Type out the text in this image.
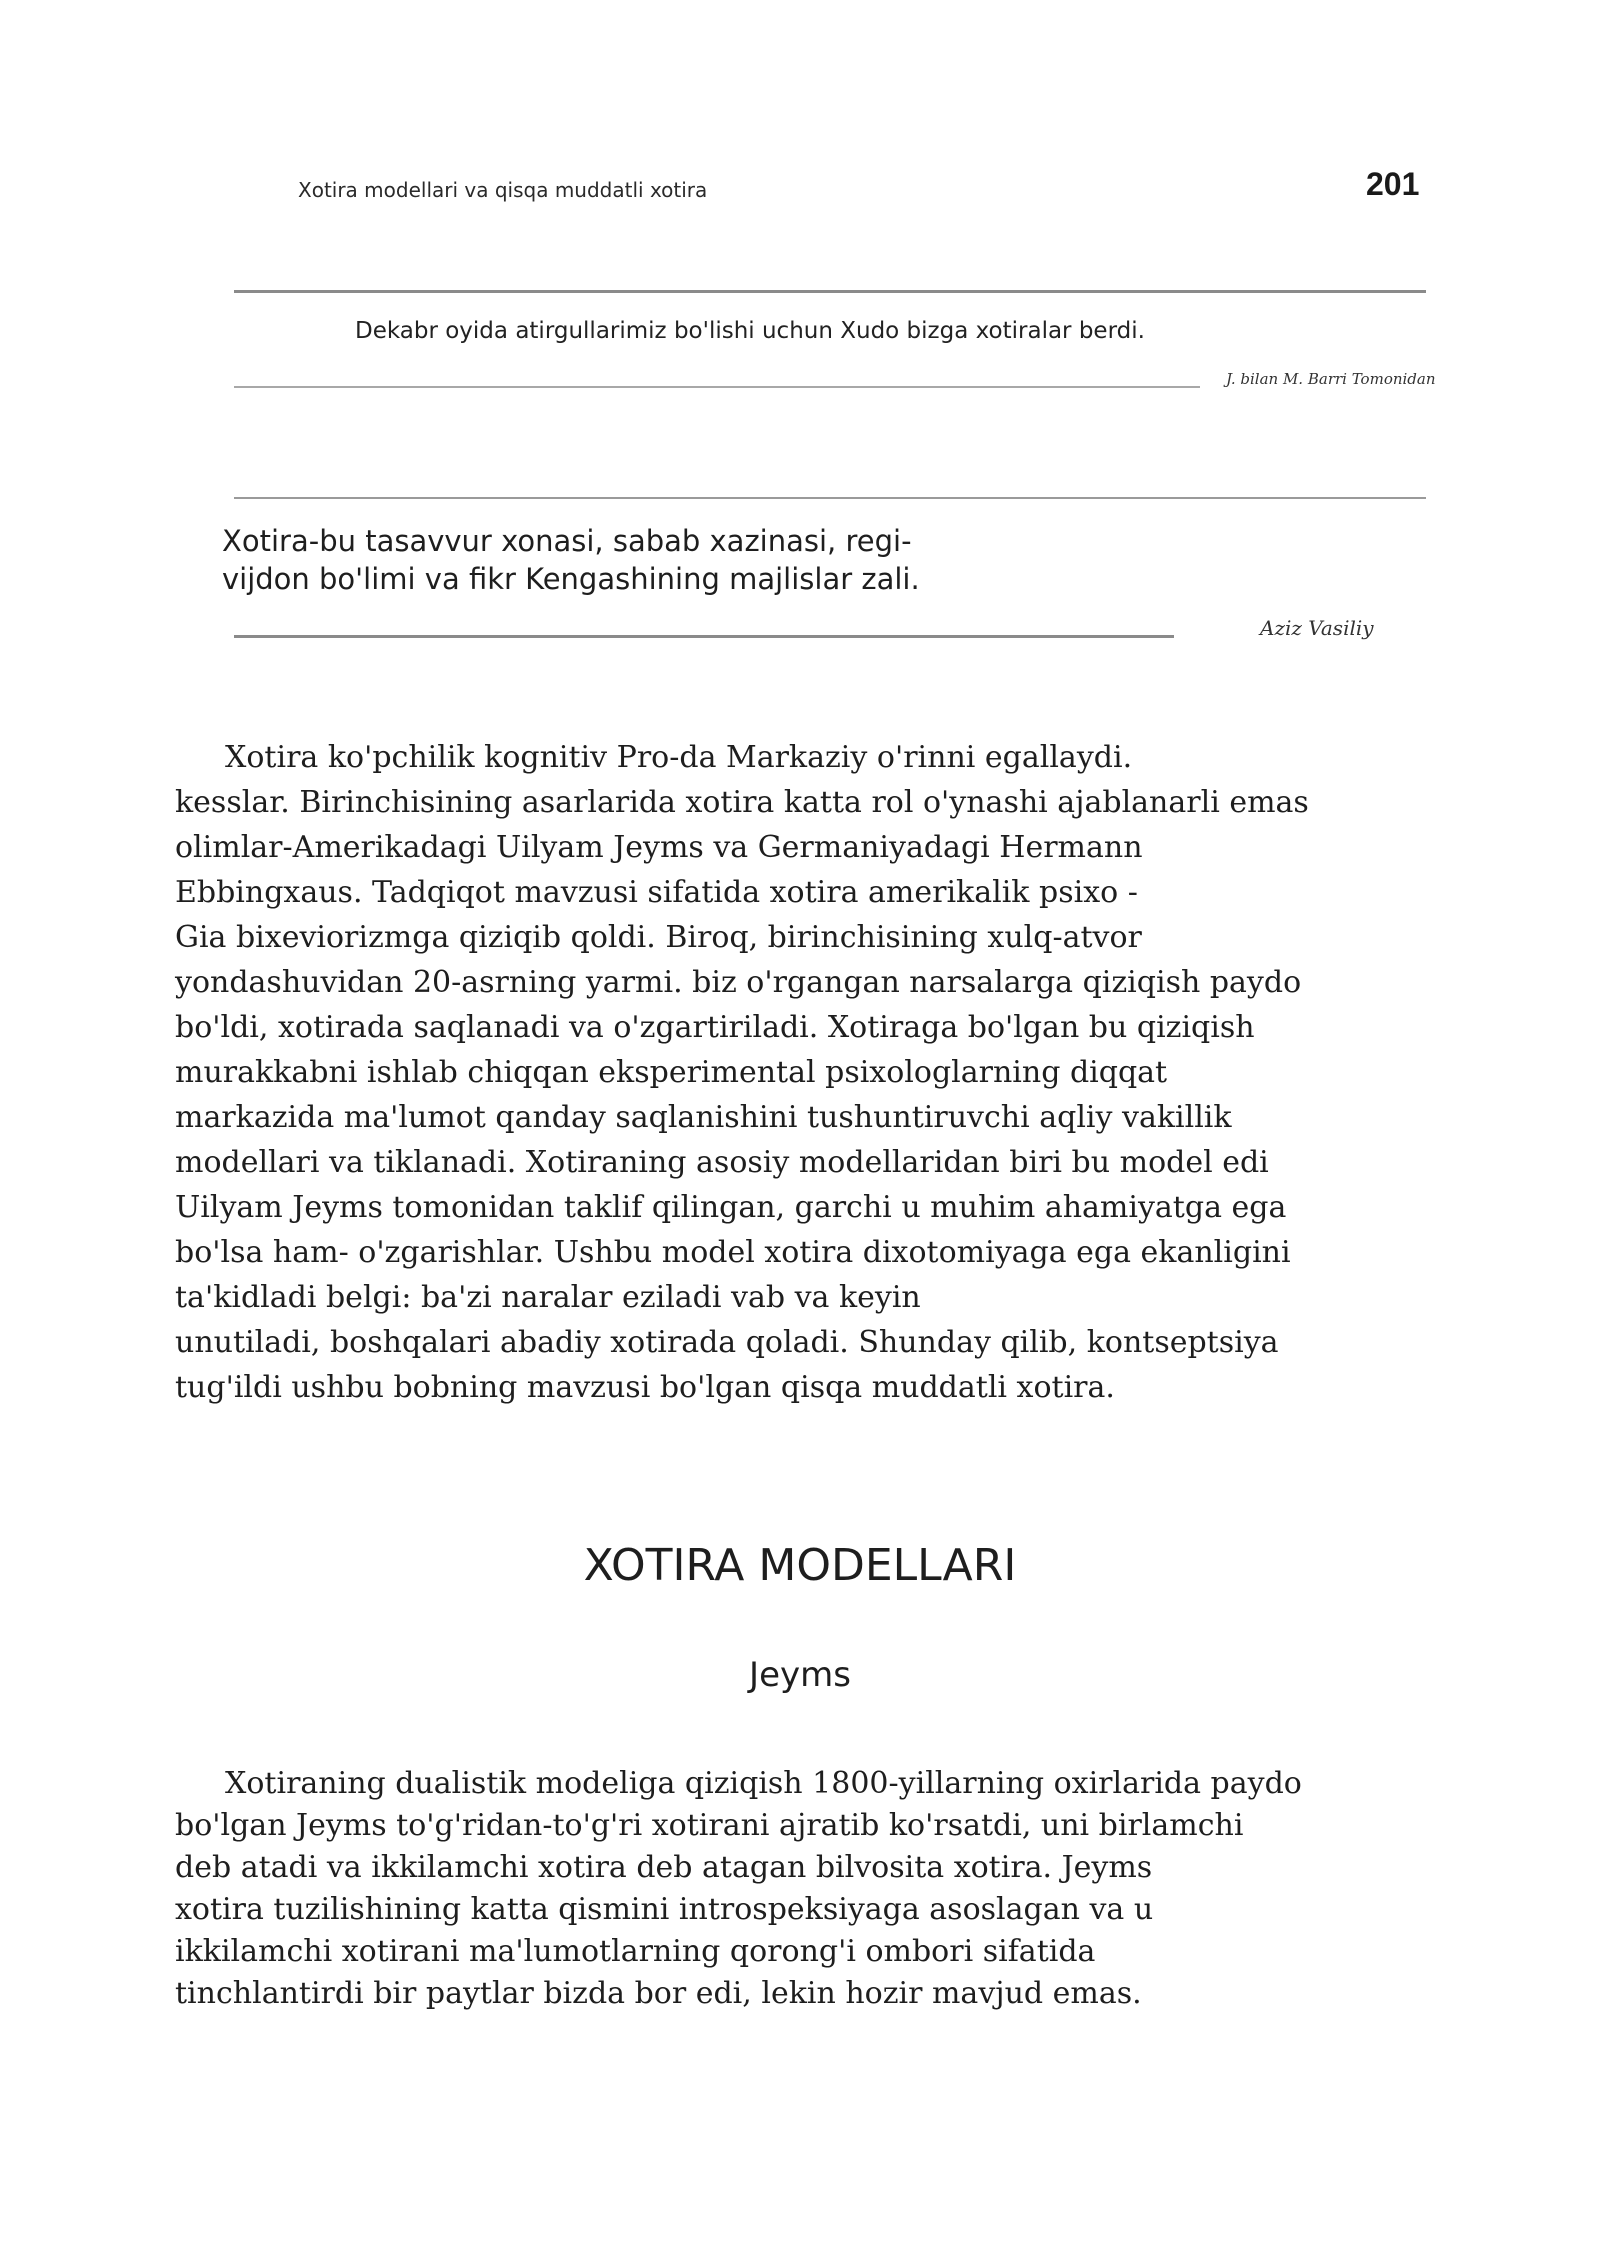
Xotira modellari va qisqa muddatli xotira	201
Dekabr oyida atirgullarimiz bo'lishi uchun Xudo bizga xotiralar berdi.
J. bilan M. Barri Tomonidan
Xotira-bu tasavvur xonasi, sabab xazinasi, regi-
vijdon bo'limi va fikr Kengashining majlislar zali.
Aziz Vasiliy
Xotira ko'pchilik kognitiv Pro-da Markaziy o'rinni egallaydi.
kesslar. Birinchisining asarlarida xotira katta rol o'ynashi ajablanarli emas
olimlar-Amerikadagi Uilyam Jeyms va Germaniyadagi Hermann
Ebbingxaus. Tadqiqot mavzusi sifatida xotira amerikalik psixo -
Gia bixeviorizmga qiziqib qoldi. Biroq, birinchisining xulq-atvor
yondashuvidan 20-asrning yarmi. biz o'rgangan narsalarga qiziqish paydo
bo'ldi, xotirada saqlanadi va o'zgartiriladi. Xotiraga bo'lgan bu qiziqish
murakkabni ishlab chiqqan eksperimental psixologlarning diqqat
markazida ma'lumot qanday saqlanishini tushuntiruvchi aqliy vakillik
modellari va tiklanadi. Xotiraning asosiy modellaridan biri bu model edi
Uilyam Jeyms tomonidan taklif qilingan, garchi u muhim ahamiyatga ega
bo'lsa ham- o'zgarishlar. Ushbu model xotira dixotomiyaga ega ekanligini
ta'kidladi belgi: ba'zi naralar eziladi vab va keyin
unutiladi, boshqalari abadiy xotirada qoladi. Shunday qilib, kontseptsiya
tug'ildi ushbu bobning mavzusi bo'lgan qisqa muddatli xotira.
XOTIRA MODELLARI
Jeyms
Xotiraning dualistik modeliga qiziqish 1800-yillarning oxirlarida paydo
bo'lgan Jeyms to'g'ridan-to'g'ri xotirani ajratib ko'rsatdi, uni birlamchi
deb atadi va ikkilamchi xotira deb atagan bilvosita xotira. Jeyms
xotira tuzilishining katta qismini introspeksiyaga asoslagan va u
ikkilamchi xotirani ma'lumotlarning qorong'i ombori sifatida
tinchlantirdi bir paytlar bizda bor edi, lekin hozir mavjud emas.
